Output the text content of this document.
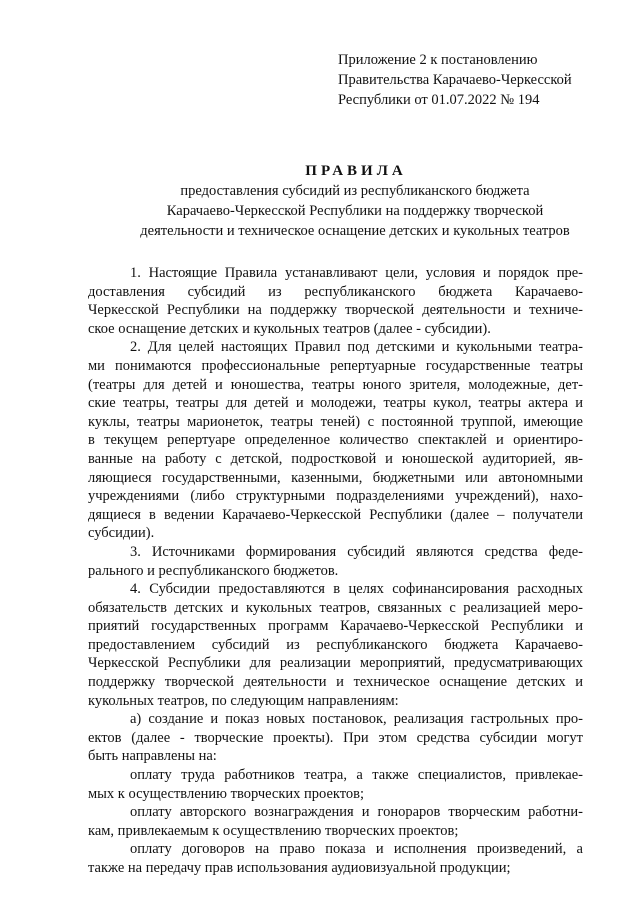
Приложение 2 к постановлению
Правительства Карачаево-Черкесской
Республики от 01.07.2022 № 194
ПРАВИЛА
предоставления субсидий из республиканского бюджета
Карачаево-Черкесской Республики на поддержку творческой
деятельности и техническое оснащение детских и кукольных театров
1. Настоящие Правила устанавливают цели, условия и порядок пре-
доставления субсидий из республиканского бюджета Карачаево-
Черкесской Республики на поддержку творческой деятельности и техниче-
ское оснащение детских и кукольных театров (далее - субсидии).
2. Для целей настоящих Правил под детскими и кукольными театра-
ми понимаются профессиональные репертуарные государственные театры
(театры для детей и юношества, театры юного зрителя, молодежные, дет-
ские театры, театры для детей и молодежи, театры кукол, театры актера и
куклы, театры марионеток, театры теней) с постоянной труппой, имеющие
в текущем репертуаре определенное количество спектаклей и ориентиро-
ванные на работу с детской, подростковой и юношеской аудиторией, яв-
ляющиеся государственными, казенными, бюджетными или автономными
учреждениями (либо структурными подразделениями учреждений), нахо-
дящиеся в ведении Карачаево-Черкесской Республики (далее – получатели
субсидии).
3. Источниками формирования субсидий являются средства феде-
рального и республиканского бюджетов.
4. Субсидии предоставляются в целях софинансирования расходных
обязательств детских и кукольных театров, связанных с реализацией меро-
приятий государственных программ Карачаево-Черкесской Республики и
предоставлением субсидий из республиканского бюджета Карачаево-
Черкесской Республики для реализации мероприятий, предусматривающих
поддержку творческой деятельности и техническое оснащение детских и
кукольных театров, по следующим направлениям:
а) создание и показ новых постановок, реализация гастрольных про-
ектов (далее - творческие проекты). При этом средства субсидии могут
быть направлены на:
оплату труда работников театра, а также специалистов, привлекае-
мых к осуществлению творческих проектов;
оплату авторского вознаграждения и гонораров творческим работни-
кам, привлекаемым к осуществлению творческих проектов;
оплату договоров на право показа и исполнения произведений, а
также на передачу прав использования аудиовизуальной продукции;
